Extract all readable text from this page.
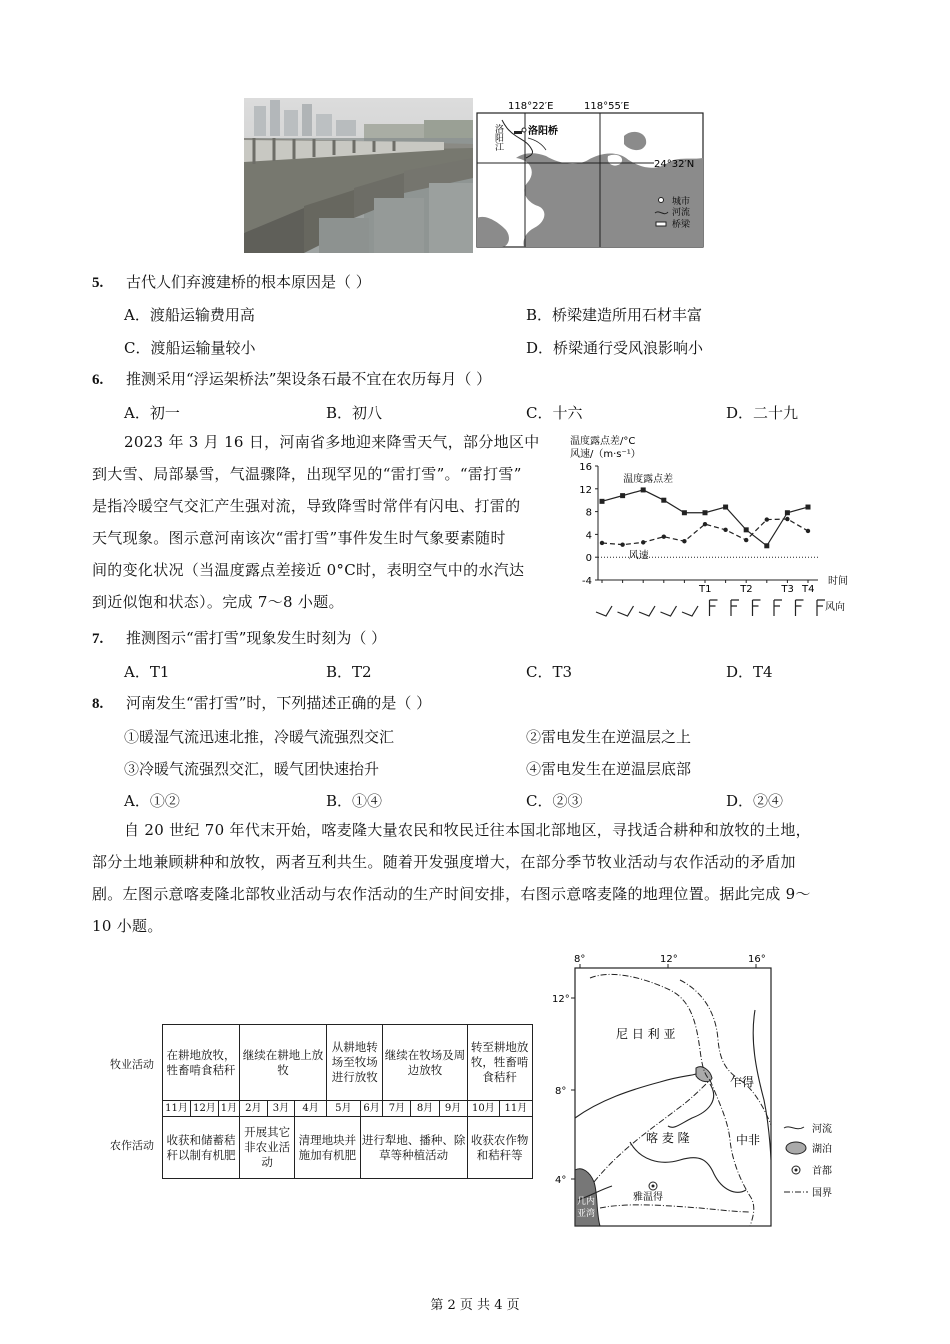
118°22′E	118°55′E
24°32′N
洛阳江	洛阳桥
城市
河流
桥梁
5. 古代人们弃渡建桥的根本原因是（ ）
A．渡船运输费用高	B．桥梁建造所用石材丰富
C．渡船运输量较小	D．桥梁通行受风浪影响小
6. 推测采用“浮运架桥法”架设条石最不宜在农历每月（ ）
A．初一	B．初八	C．十六	D．二十九
2023 年 3 月 16 日，河南省多地迎来降雪天气，部分地区中
到大雪、局部暴雪，气温骤降，出现罕见的“雷打雪”。“雷打雪”
是指冷暖空气交汇产生强对流，导致降雪时常伴有闪电、打雷的
天气现象。图示意河南该次“雷打雪”事件发生时气象要素随时
间的变化状况（当温度露点差接近 0°C时，表明空气中的水汽达
到近似饱和状态）。完成 7～8 小题。
温度露点差/°C
风速/（m·s⁻¹）
时间
风向
-4
0
4
8
12
16
T1	T2	T3 T4
温度露点差
风速
7. 推测图示“雷打雪”现象发生时刻为（ ）
A．T1	B．T2	C．T3	D．T4
8. 河南发生“雷打雪”时，下列描述正确的是（ ）
①暖湿气流迅速北推，冷暖气流强烈交汇	②雷电发生在逆温层之上
③冷暖气流强烈交汇，暖气团快速抬升	④雷电发生在逆温层底部
A．①②	B．①④	C．②③	D．②④
自 20 世纪 70 年代末开始，喀麦隆大量农民和牧民迁往本国北部地区，寻找适合耕种和放牧的土地，
部分土地兼顾耕种和放牧，两者互利共生。随着开发强度增大，在部分季节牧业活动与农作活动的矛盾加
剧。左图示意喀麦隆北部牧业活动与农作活动的生产时间安排，右图示意喀麦隆的地理位置。据此完成 9～
10 小题。
牧业活动
农作活动
在耕地放牧，牲畜啃食秸秆			继续在耕地上放牧			从耕地转场至牧场进行放牧		继续在牧场及周边放牧			转至耕地放牧，牲畜啃食秸秆	
11月	12月	1月	2月	3月	4月	5月	6月	7月	8月	9月	10月	11月
收获和储蓄秸秆以制有机肥			开展其它非农业活动		清理地块并施加有机肥		进行犁地、播种、除草等种植活动				收获农作物和秸秆等	
8°	12°	16°
12°
8°
4°
尼 日 利 亚
乍得
喀 麦 隆	中非
雅温得
几内
亚湾
河流
湖泊
首都
国界
第 2 页 共 4 页
